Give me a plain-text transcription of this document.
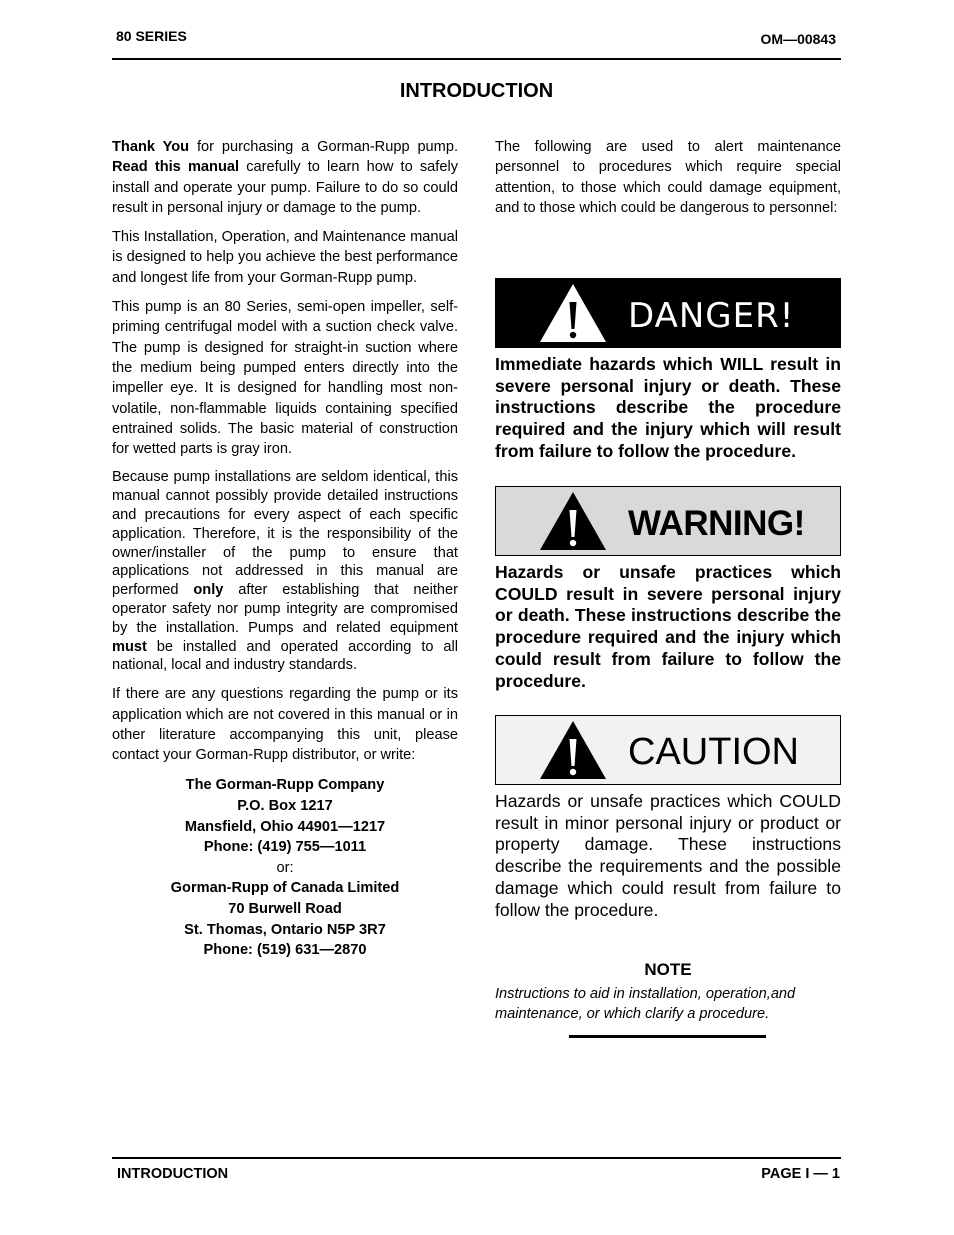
80 SERIES	OM—00843
INTRODUCTION

Thank You for purchasing a Gorman-Rupp pump. Read this manual carefully to learn how to safely install and operate your pump. Failure to do so could result in personal injury or damage to the pump.

This Installation, Operation, and Maintenance manual is designed to help you achieve the best performance and longest life from your Gorman-Rupp pump.

This pump is an 80 Series, semi-open impeller, self-priming centrifugal model with a suction check valve. The pump is designed for straight-in suction where the medium being pumped enters directly into the impeller eye. It is designed for handling most non-volatile, non-flammable liquids containing specified entrained solids. The basic material of construction for wetted parts is gray iron.

Because pump installations are seldom identical, this manual cannot possibly provide detailed instructions and precautions for every aspect of each specific application. Therefore, it is the responsibility of the owner/installer of the pump to ensure that applications not addressed in this manual are performed only after establishing that neither operator safety nor pump integrity are compromised by the installation. Pumps and related equipment must be installed and operated according to all national, local and industry standards.

If there are any questions regarding the pump or its application which are not covered in this manual or in other literature accompanying this unit, please contact your Gorman-Rupp distributor, or write:

The Gorman-Rupp Company
P.O. Box 1217
Mansfield, Ohio 44901—1217
Phone: (419) 755—1011
or:
Gorman-Rupp of Canada Limited
70 Burwell Road
St. Thomas, Ontario N5P 3R7
Phone: (519) 631—2870
The following are used to alert maintenance personnel to procedures which require special attention, to those which could damage equipment, and to those which could be dangerous to personnel:
DANGER!
Immediate hazards which WILL result in severe personal injury or death. These instructions describe the procedure required and the injury which will result from failure to follow the procedure.
WARNING!
Hazards or unsafe practices which COULD result in severe personal injury or death. These instructions describe the procedure required and the injury which could result from failure to follow the procedure.
CAUTION
Hazards or unsafe practices which COULD result in minor personal injury or product or property damage. These instructions describe the requirements and the possible damage which could result from failure to follow the procedure.
NOTE
Instructions to aid in installation, operation,and maintenance, or which clarify a procedure.
INTRODUCTION	PAGE I — 1
